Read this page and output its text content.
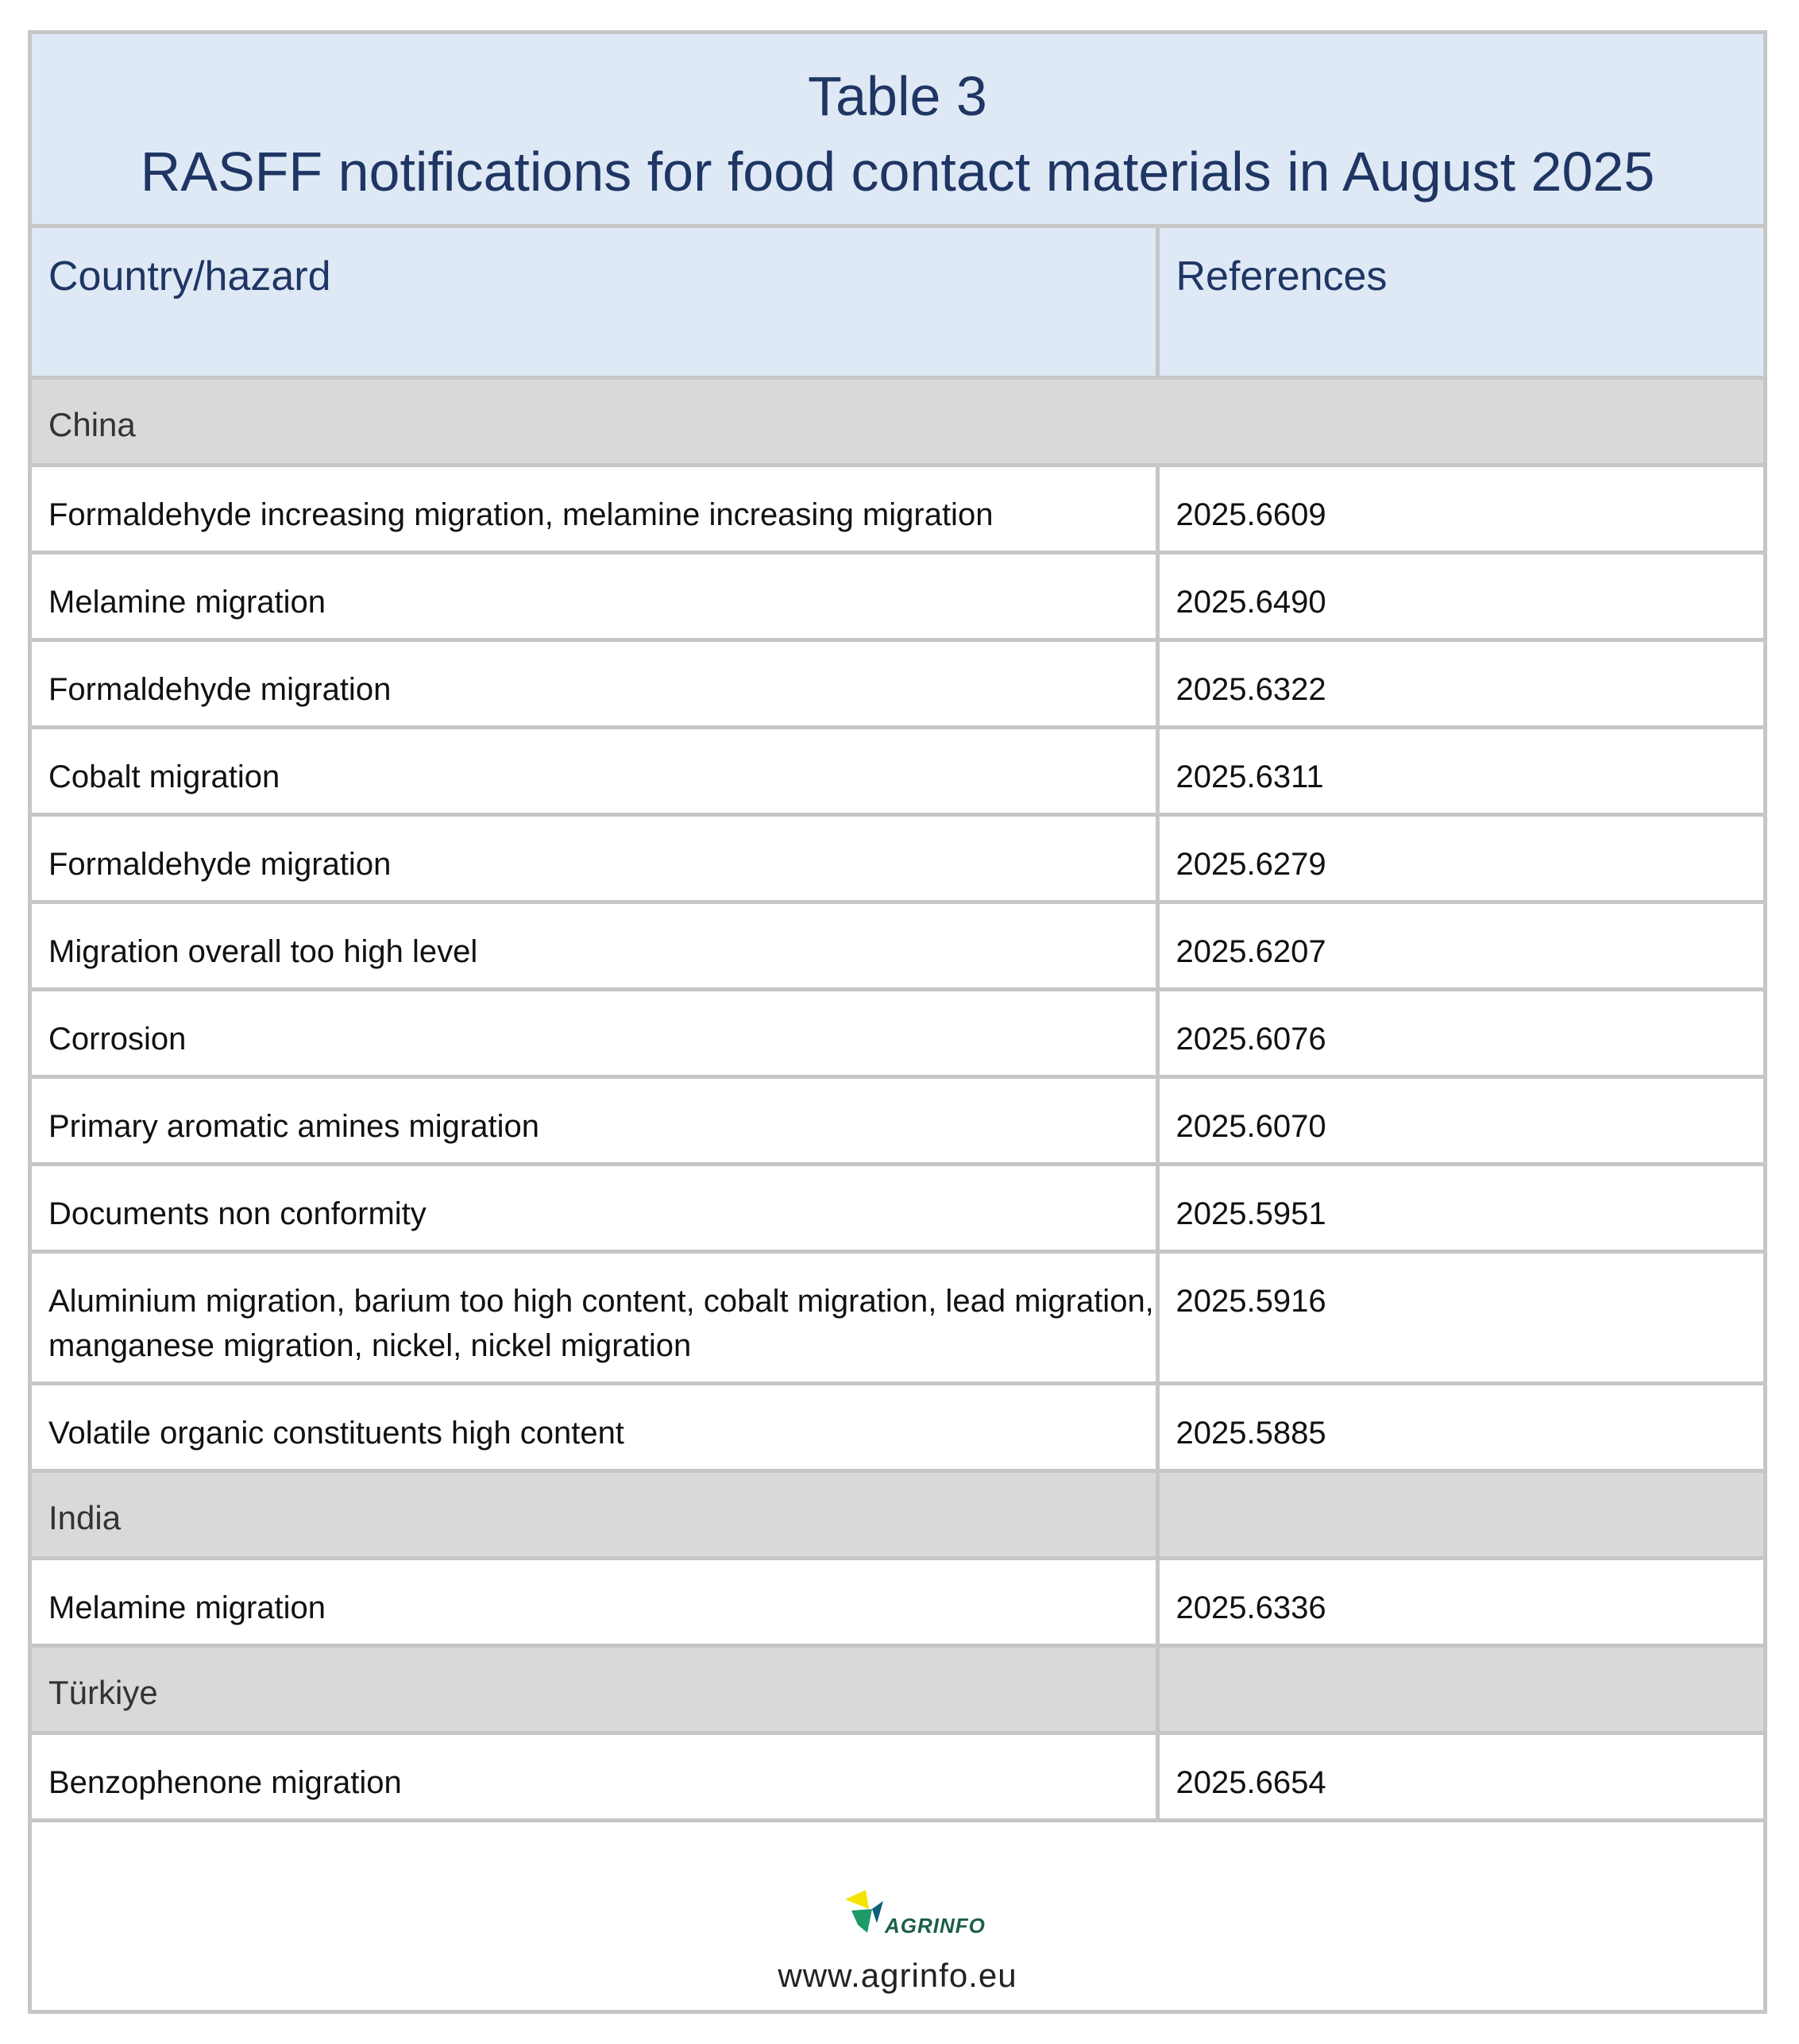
Table 3
RASFF notifications for food contact materials in August 2025
Country/hazard	References
China	
Formaldehyde increasing migration, melamine increasing migration	2025.6609
Melamine migration	2025.6490
Formaldehyde migration	2025.6322
Cobalt migration	2025.6311
Formaldehyde migration	2025.6279
Migration overall too high level	2025.6207
Corrosion	2025.6076
Primary aromatic amines migration	2025.6070
Documents non conformity	2025.5951
Aluminium migration, barium too high content, cobalt migration, lead migration, manganese migration, nickel, nickel migration	2025.5916
Volatile organic constituents high content	2025.5885
India	
Melamine migration	2025.6336
Türkiye	
Benzophenone migration	2025.6654
AGRINFO
www.agrinfo.eu
